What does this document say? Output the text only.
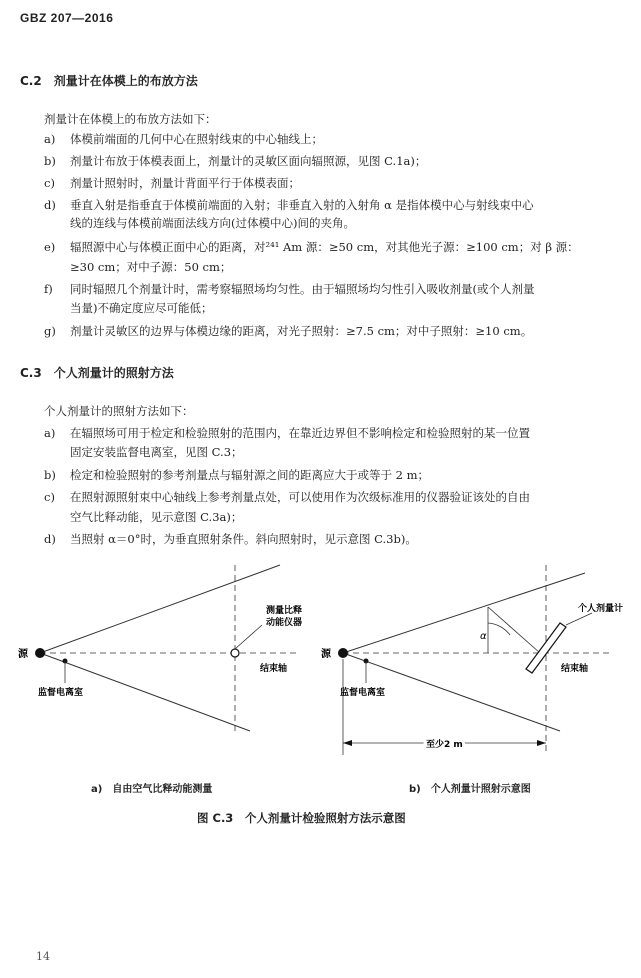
GBZ 207—2016
C.2　剂量计在体模上的布放方法
剂量计在体模上的布放方法如下：
a) 体模前端面的几何中心在照射线束的中心轴线上；
b) 剂量计布放于体模表面上，剂量计的灵敏区面向辐照源，见图 C.1a)；
c) 剂量计照射时，剂量计背面平行于体模表面；
d) 垂直入射是指垂直于体模前端面的入射；非垂直入射的入射角 α 是指体模中心与射线束中心
线的连线与体模前端面法线方向(过体模中心)间的夹角。
e) 辐照源中心与体模正面中心的距离，对²⁴¹ Am 源：≥50 cm，对其他光子源：≥100 cm；对 β 源：
≥30 cm；对中子源：50 cm；
f) 同时辐照几个剂量计时，需考察辐照场均匀性。由于辐照场均匀性引入吸收剂量(或个人剂量
当量)不确定度应尽可能低；
g) 剂量计灵敏区的边界与体模边缘的距离，对光子照射：≥7.5 cm；对中子照射：≥10 cm。
C.3　个人剂量计的照射方法
个人剂量计的照射方法如下：
a) 在辐照场可用于检定和检验照射的范围内，在靠近边界但不影响检定和检验照射的某一位置
固定安装监督电离室，见图 C.3；
b) 检定和检验照射的参考剂量点与辐射源之间的距离应大于或等于 2 m；
c) 在照射源照射束中心轴线上参考剂量点处，可以使用作为次级标准用的仪器验证该处的自由
空气比释动能，见示意图 C.3a)；
d) 当照射 α＝0°时，为垂直照射条件。斜向照射时，见示意图 C.3b)。
源
监督电离室
测量比释
动能仪器
结束轴
源
监督电离室
个人剂量计
α
结束轴
至少2 m
a)　自由空气比释动能测量	b)　个人剂量计照射示意图
图 C.3　个人剂量计检验照射方法示意图
14
